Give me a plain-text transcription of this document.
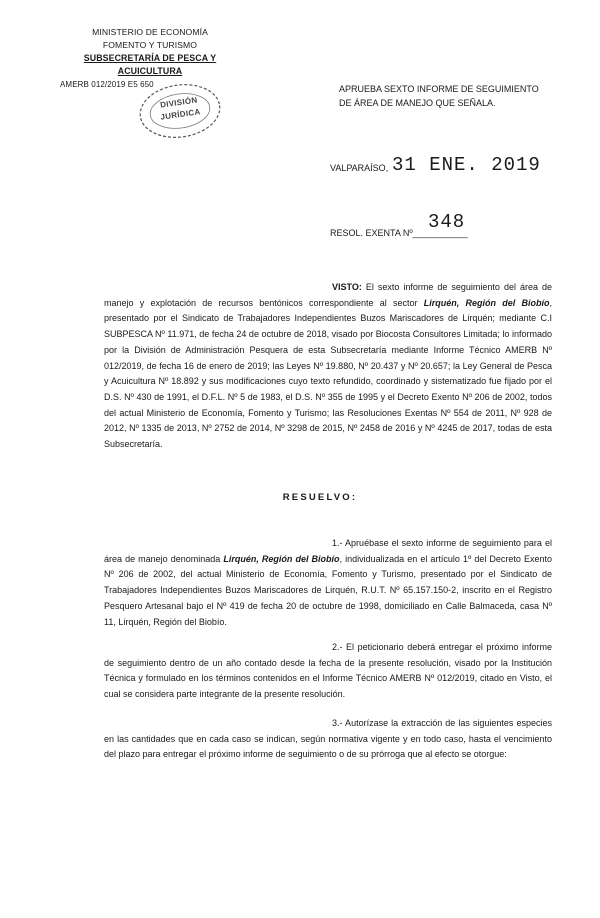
MINISTERIO DE ECONOMÍA
FOMENTO Y TURISMO
SUBSECRETARÍA DE PESCA Y ACUICULTURA
AMERB 012/2019 E5 650
DIVISIÓN
JURÍDICA
APRUEBA SEXTO INFORME DE SEGUIMIENTO DE ÁREA DE MANEJO QUE SEÑALA.
VALPARAÍSO, 31 ENE. 2019
RESOL. EXENTA Nº___________
348
VISTO: El sexto informe de seguimiento del área de manejo y explotación de recursos bentónicos correspondiente al sector Lirquén, Región del Biobío, presentado por el Sindicato de Trabajadores Independientes Buzos Mariscadores de Lirquén; mediante C.I SUBPESCA Nº 11.971, de fecha 24 de octubre de 2018, visado por Biocosta Consultores Limitada; lo informado por la División de Administración Pesquera de esta Subsecretaría mediante Informe Técnico AMERB Nº 012/2019, de fecha 16 de enero de 2019; las Leyes Nº 19.880, Nº 20.437 y Nº 20.657; la Ley General de Pesca y Acuicultura Nº 18.892 y sus modificaciones cuyo texto refundido, coordinado y sistematizado fue fijado por el D.S. Nº 430 de 1991, el D.F.L. Nº 5 de 1983, el D.S. Nº 355 de 1995 y el Decreto Exento Nº 206 de 2002, todos del actual Ministerio de Economía, Fomento y Turismo; las Resoluciones Exentas Nº 554 de 2011, Nº 928 de 2012, Nº 1335 de 2013, Nº 2752 de 2014, Nº 3298 de 2015, Nº 2458 de 2016 y Nº 4245 de 2017, todas de esta Subsecretaría.
RESUELVO:
1.- Apruébase el sexto informe de seguimiento para el área de manejo denominada Lirquén, Región del Biobío, individualizada en el artículo 1º del Decreto Exento Nº 206 de 2002, del actual Ministerio de Economía, Fomento y Turismo, presentado por el Sindicato de Trabajadores Independientes Buzos Mariscadores de Lirquén, R.U.T. Nº 65.157.150-2, inscrito en el Registro Pesquero Artesanal bajo el Nº 419 de fecha 20 de octubre de 1998, domiciliado en Calle Balmaceda, casa Nº 11, Lirquén, Región del Biobío.
2.- El peticionario deberá entregar el próximo informe de seguimiento dentro de un año contado desde la fecha de la presente resolución, visado por la Institución Técnica y formulado en los términos contenidos en el Informe Técnico AMERB Nº 012/2019, citado en Visto, el cual se considera parte integrante de la presente resolución.
3.- Autorízase la extracción de las siguientes especies en las cantidades que en cada caso se indican, según normativa vigente y en todo caso, hasta el vencimiento del plazo para entregar el próximo informe de seguimiento o de su prórroga que al efecto se otorgue:
